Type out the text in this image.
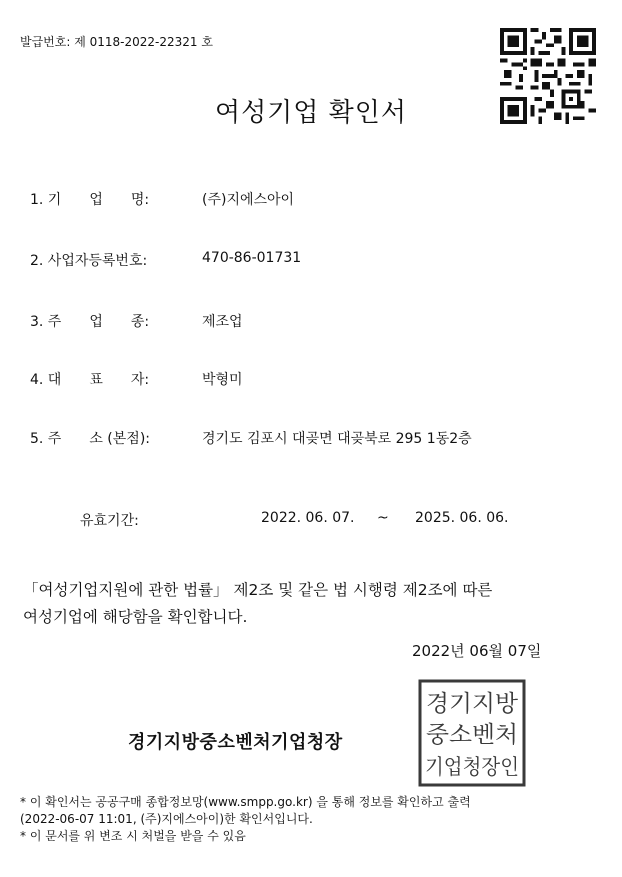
발급번호: 제 0118-2022-22321 호
여성기업 확인서
1. 기　　업　　명:	(주)지에스아이
2. 사업자등록번호:	470-86-01731
3. 주　　업　　종:	제조업
4. 대　　표　　자:	박형미
5. 주　　소 (본점):	경기도 김포시 대곶면 대곶북로 295 1동2층
유효기간:	2022. 06. 07. ~ 2025. 06. 06.
「여성기업지원에 관한 법률」 제2조 및 같은 법 시행령 제2조에 따른
여성기업에 해당함을 확인합니다.
2022년 06월 07일
경기지방중소벤처기업청장
경기지방
중소벤처
기업청장인
* 이 확인서는 공공구매 종합정보망(www.smpp.go.kr) 을 통해 정보를 확인하고 출력
(2022-06-07 11:01, (주)지에스아이)한 확인서입니다.
* 이 문서를 위 변조 시 처벌을 받을 수 있음
